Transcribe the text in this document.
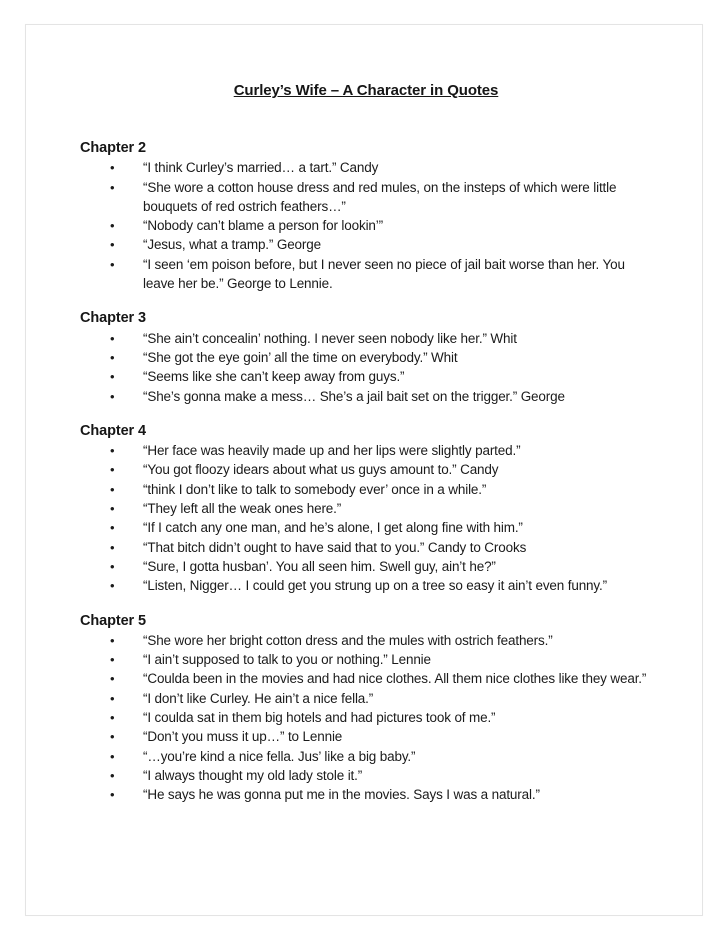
Curley’s Wife – A Character in Quotes
Chapter 2
•	“I think Curley’s married… a tart.” Candy
•	“She wore a cotton house dress and red mules, on the insteps of which were little bouquets of red ostrich feathers…”
•	“Nobody can’t blame a person for lookin’”
•	“Jesus, what a tramp.” George
•	“I seen ‘em poison before, but I never seen no piece of jail bait worse than her. You leave her be.” George to Lennie.
Chapter 3
•	“She ain’t concealin’ nothing. I never seen nobody like her.” Whit
•	“She got the eye goin’ all the time on everybody.” Whit
•	“Seems like she can’t keep away from guys.”
•	“She’s gonna make a mess… She’s a jail bait set on the trigger.” George
Chapter 4
•	“Her face was heavily made up and her lips were slightly parted.”
•	“You got floozy idears about what us guys amount to.” Candy
•	“think I don’t like to talk to somebody ever’ once in a while.”
•	“They left all the weak ones here.”
•	“If I catch any one man, and he’s alone, I get along fine with him.”
•	“That bitch didn’t ought to have said that to you.” Candy to Crooks
•	“Sure, I gotta husban’. You all seen him. Swell guy, ain’t he?”
•	“Listen, Nigger… I could get you strung up on a tree so easy it ain’t even funny.”
Chapter 5
•	“She wore her bright cotton dress and the mules with ostrich feathers.”
•	“I ain’t supposed to talk to you or nothing.” Lennie
•	“Coulda been in the movies and had nice clothes. All them nice clothes like they wear.”
•	“I don’t like Curley. He ain’t a nice fella.”
•	“I coulda sat in them big hotels and had pictures took of me.”
•	“Don’t you muss it up…” to Lennie
•	“…you’re kind a nice fella. Jus’ like a big baby.”
•	“I always thought my old lady stole it.”
•	“He says he was gonna put me in the movies. Says I was a natural.”
